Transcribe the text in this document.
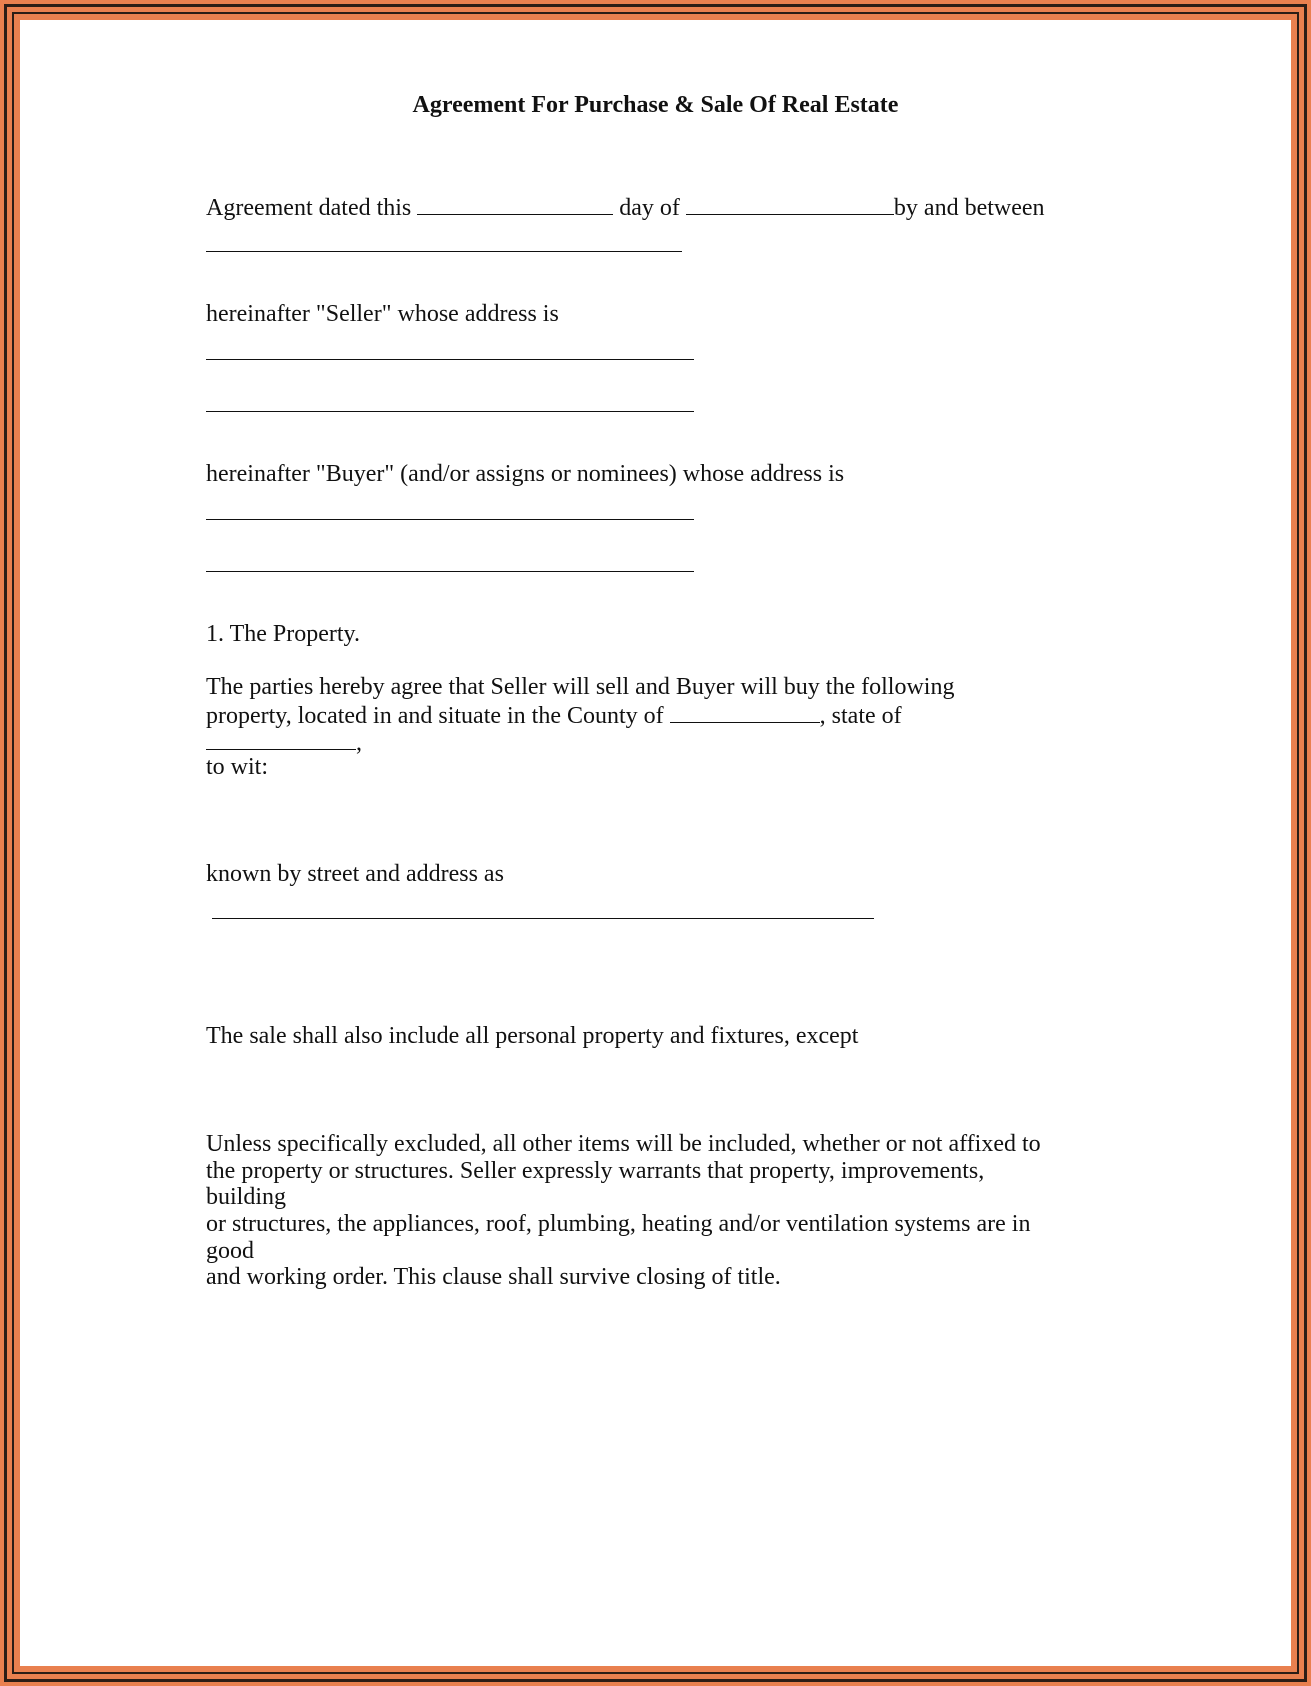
Agreement For Purchase & Sale Of Real Estate
Agreement dated this	day of	by and between
hereinafter "Seller" whose address is
hereinafter "Buyer" (and/or assigns or nominees) whose address is
1. The Property.
The parties hereby agree that Seller will sell and Buyer will buy the following
property, located in and situate in the County of	, state of
,
to wit:
known by street and address as
The sale shall also include all personal property and fixtures, except
Unless specifically excluded, all other items will be included, whether or not affixed to
the property or structures. Seller expressly warrants that property, improvements,
building
or structures, the appliances, roof, plumbing, heating and/or ventilation systems are in
good
and working order. This clause shall survive closing of title.
